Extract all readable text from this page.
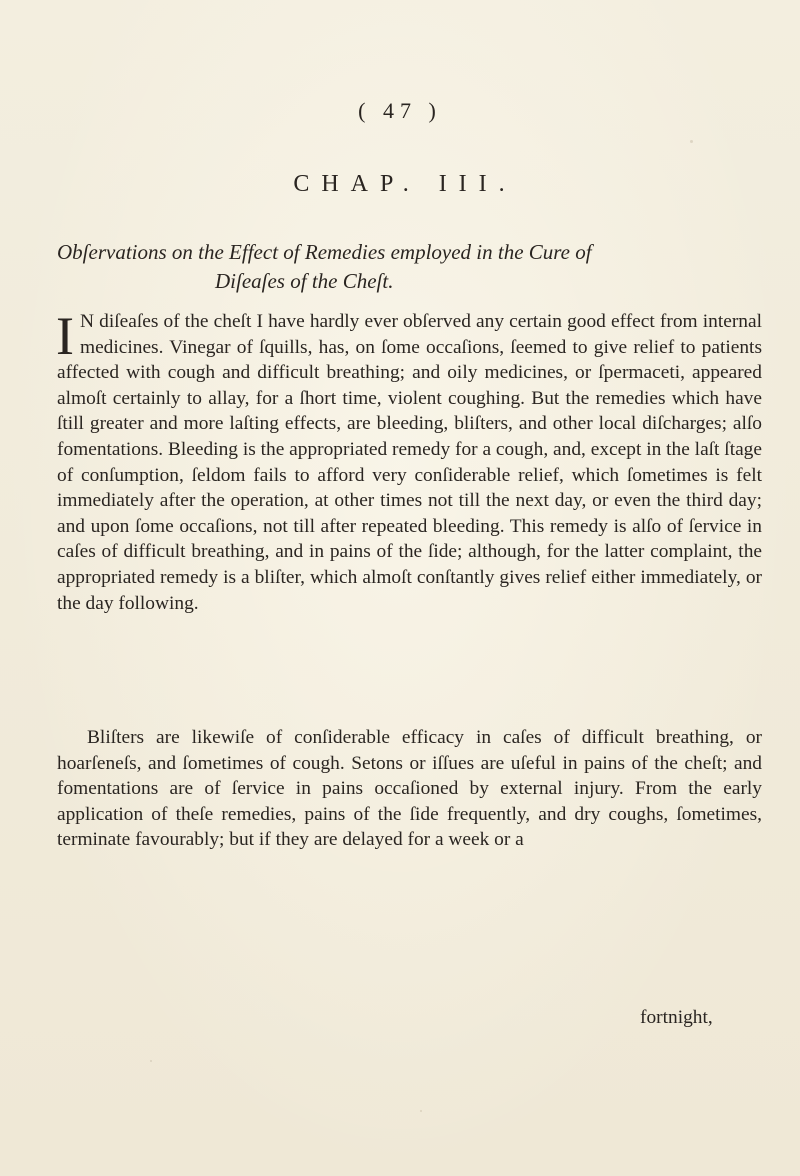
( 47 )
CHAP. III.
Obſervations on the Effect of Remedies employed in the Cure of
Diſeaſes of the Cheſt.
I N diſeaſes of the cheſt I have hardly ever obſerved any certain good effect from internal medicines. Vinegar of ſquills, has, on ſome occaſions, ſeemed to give relief to patients affected with cough and difficult breathing; and oily medicines, or ſpermaceti, appeared almoſt certainly to allay, for a ſhort time, violent coughing. But the remedies which have ſtill greater and more laſting effects, are bleeding, bliſters, and other local diſcharges; alſo fomentations. Bleeding is the appropriated remedy for a cough, and, except in the laſt ſtage of conſumption, ſeldom fails to afford very conſiderable relief, which ſometimes is felt immediately after the operation, at other times not till the next day, or even the third day; and upon ſome occaſions, not till after repeated bleeding. This remedy is alſo of ſervice in caſes of difficult breathing, and in pains of the ſide; although, for the latter complaint, the appropriated remedy is a bliſter, which almoſt conſtantly gives relief either immediately, or the day following.
Bliſters are likewiſe of conſiderable efficacy in caſes of difficult breathing, or hoarſeneſs, and ſometimes of cough. Setons or iſſues are uſeful in pains of the cheſt; and fomentations are of ſervice in pains occaſioned by external injury. From the early application of theſe remedies, pains of the ſide frequently, and dry coughs, ſometimes, terminate favourably; but if they are delayed for a week or a
fortnight,
